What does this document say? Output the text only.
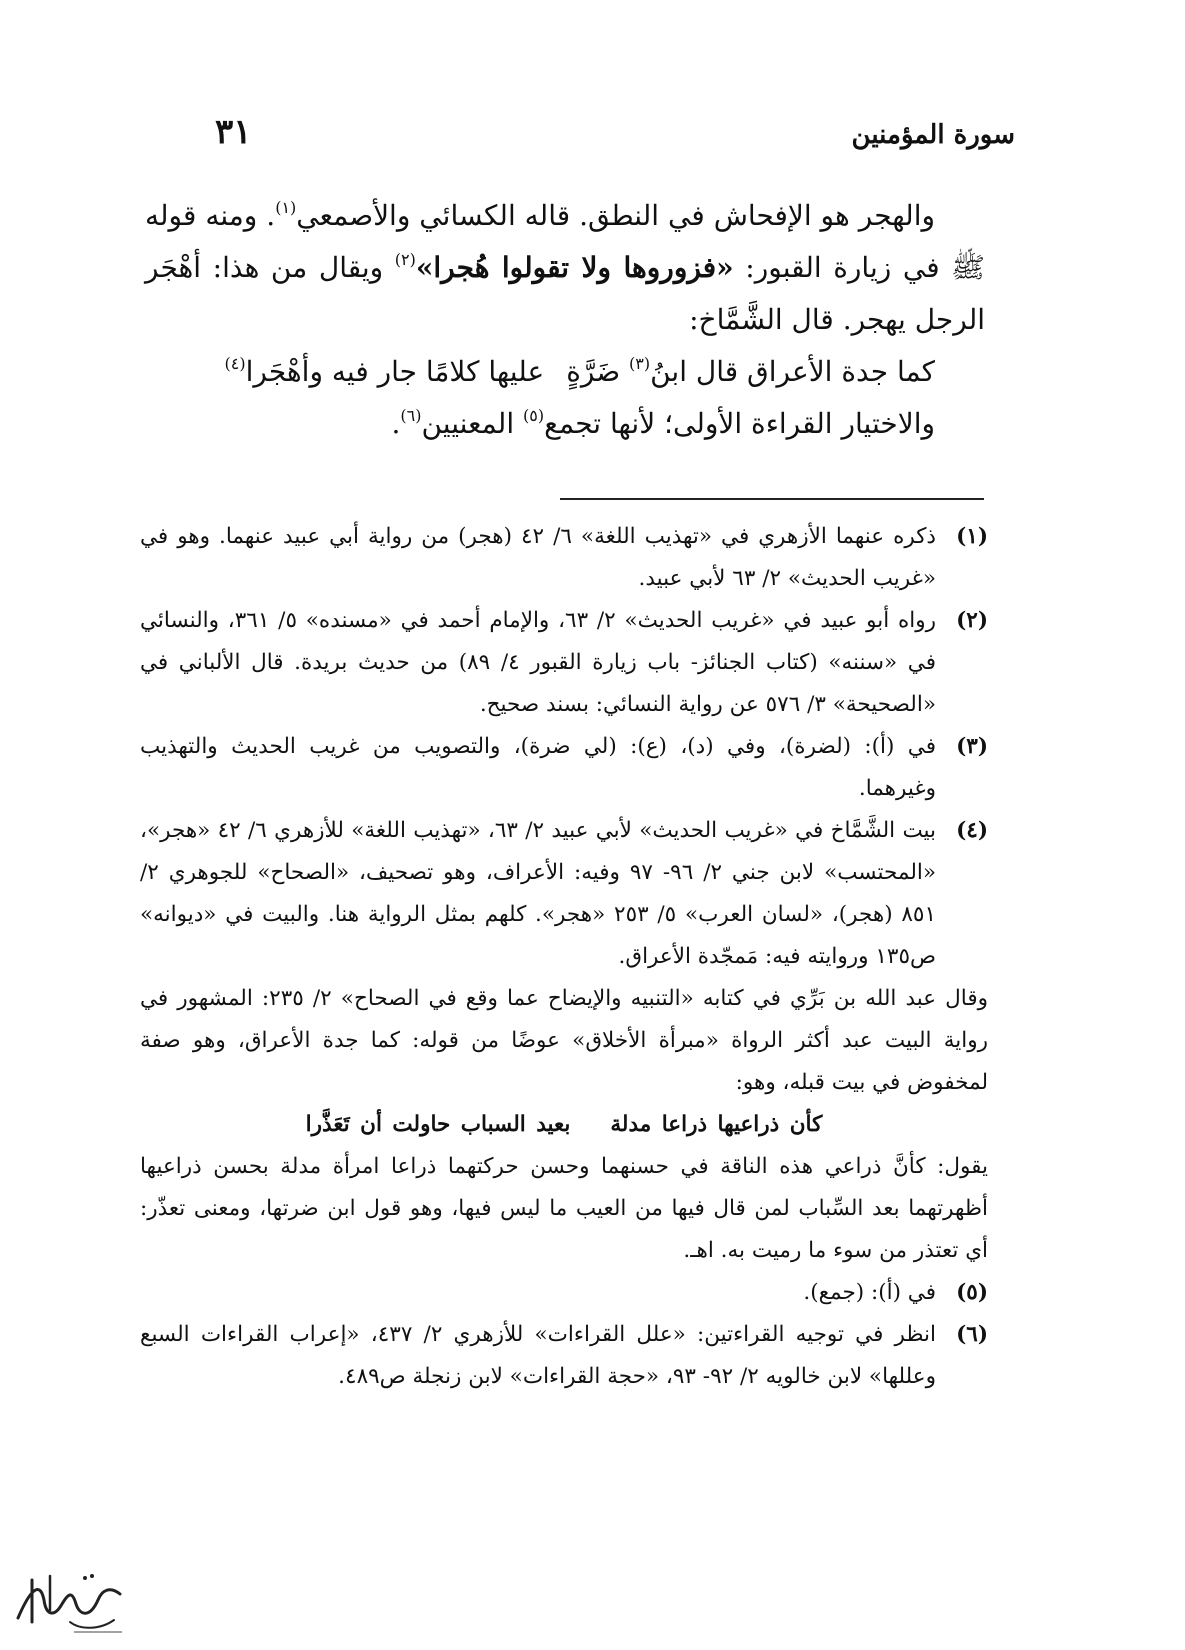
سورة المؤمنين
٣١

والهجر هو الإفحاش في النطق. قاله الكسائي والأصمعي$^{(١)}$. ومنه قوله ﷺ في زيارة القبور: «فزوروها ولا تقولوا هُجرا»$^{(٢)}$ ويقال من هذا: أهْجَر الرجل يهجر. قال الشَّمَّاخ:

كما جدة الأعراق قال ابنُ$^{(٣)}$ ضَرَّةٍعليها كلامًا جار فيه وأهْجَرا$^{(٤)}$

والاختيار القراءة الأولى؛ لأنها تجمع$^{(٥)}$ المعنيين$^{(٦)}$.

(١)

ذكره عنهما الأزهري في «تهذيب اللغة» ٦/ ٤٢ (هجر) من رواية أبي عبيد عنهما. وهو في «غريب الحديث» ٢/ ٦٣ لأبي عبيد.

(٢)

رواه أبو عبيد في «غريب الحديث» ٢/ ٦٣، والإمام أحمد في «مسنده» ٥/ ٣٦١، والنسائي في «سننه» (كتاب الجنائز- باب زيارة القبور ٤/ ٨٩) من حديث بريدة. قال الألباني في «الصحيحة» ٣/ ٥٧٦ عن رواية النسائي: بسند صحيح.

(٣)

في (أ): (لضرة)، وفي (د)، (ع): (لي ضرة)، والتصويب من غريب الحديث والتهذيب وغيرهما.

(٤)

بيت الشَّمَّاخ في «غريب الحديث» لأبي عبيد ٢/ ٦٣، «تهذيب اللغة» للأزهري ٦/ ٤٢ «هجر»، «المحتسب» لابن جني ٢/ ٩٦- ٩٧ وفيه: الأعراف، وهو تصحيف، «الصحاح» للجوهري ٢/ ٨٥١ (هجر)، «لسان العرب» ٥/ ٢٥٣ «هجر». كلهم بمثل الرواية هنا. والبيت في «ديوانه» ص١٣٥ وروايته فيه: مَمجّدة الأعراق.

وقال عبد الله بن بَرِّي في كتابه «التنبيه والإيضاح عما وقع في الصحاح» ٢/ ٢٣٥: المشهور في رواية البيت عبد أكثر الرواة «مبرأة الأخلاق» عوضًا من قوله: كما جدة الأعراق، وهو صفة لمخفوض في بيت قبله، وهو:

كأن ذراعيها ذراعا مدلةبعيد السباب حاولت أن تَعَذَّرا

يقول: كأنَّ ذراعي هذه الناقة في حسنهما وحسن حركتهما ذراعا امرأة مدلة بحسن ذراعيها أظهرتهما بعد السِّباب لمن قال فيها من العيب ما ليس فيها، وهو قول ابن ضرتها، ومعنى تعذّر: أي تعتذر من سوء ما رميت به. اهـ.

(٥)

في (أ): (جمع).

(٦)

انظر في توجيه القراءتين: «علل القراءات» للأزهري ٢/ ٤٣٧، «إعراب القراءات السبع وعللها» لابن خالويه ٢/ ٩٢- ٩٣، «حجة القراءات» لابن زنجلة ص٤٨٩.
